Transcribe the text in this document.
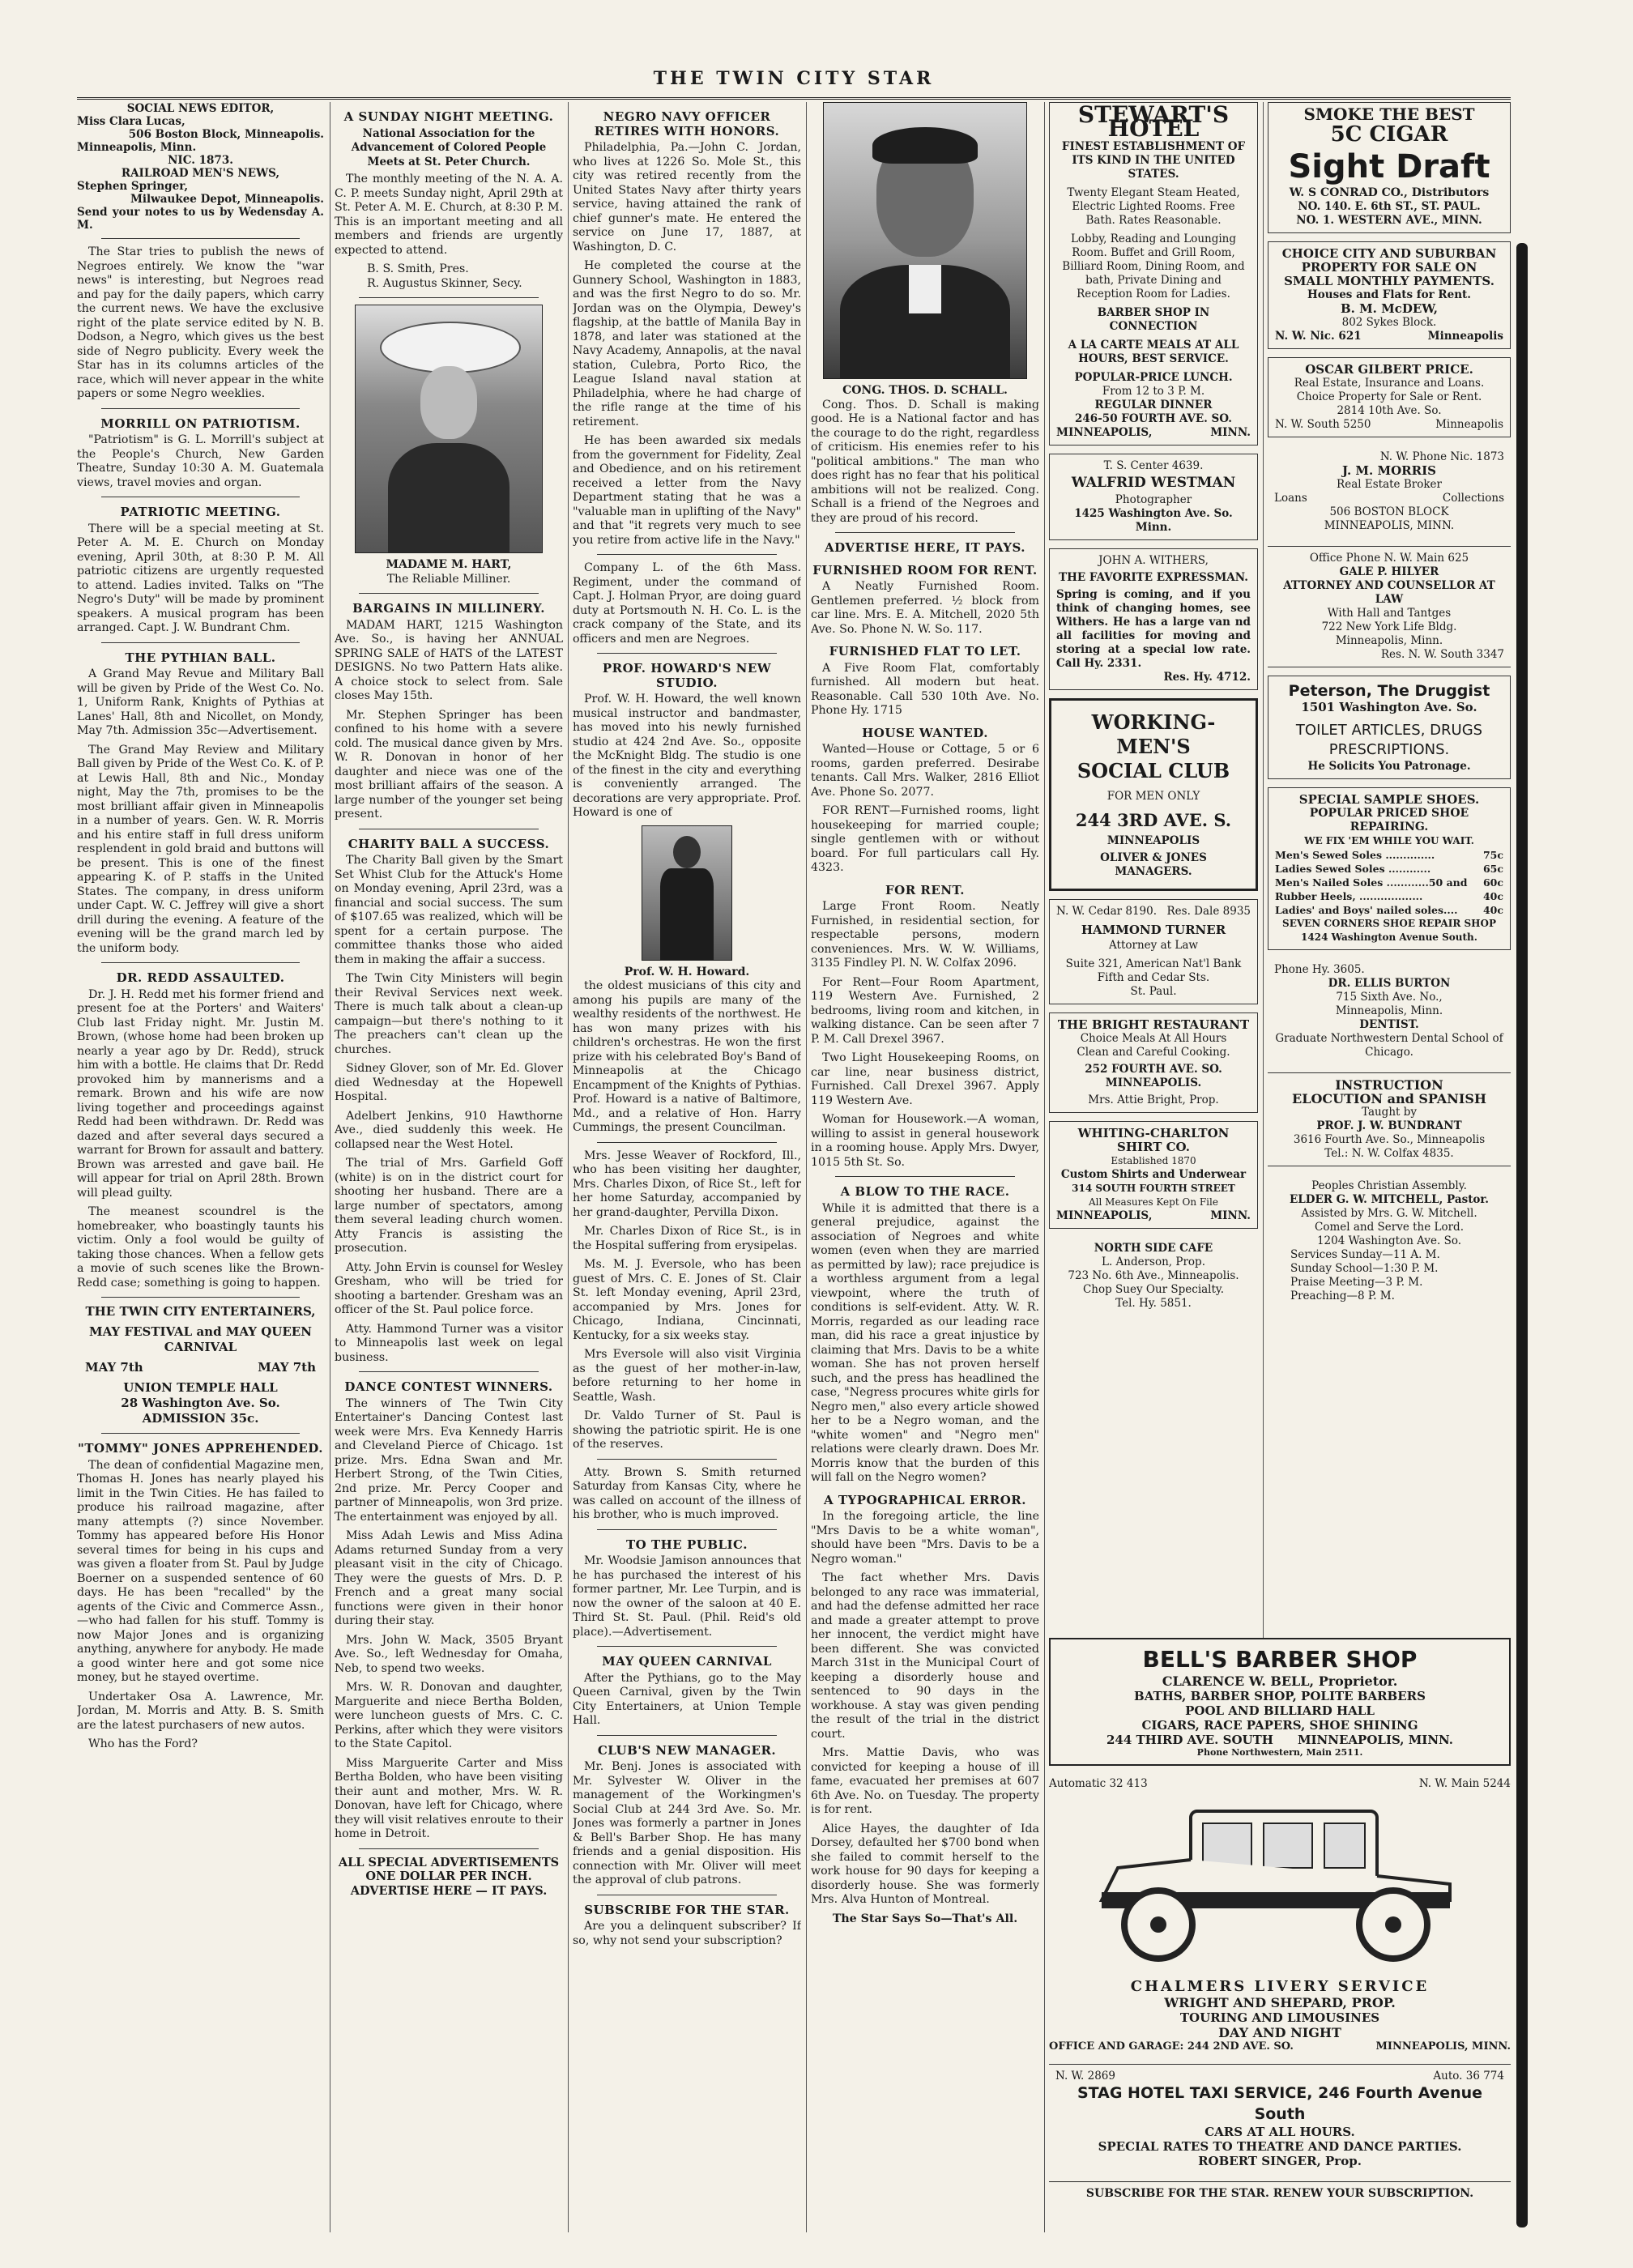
THE TWIN CITY STAR
SOCIAL NEWS EDITOR,
Miss Clara Lucas,
506 Boston Block, Minneapolis.
Minneapolis, Minn.
NIC. 1873.
RAILROAD MEN'S NEWS,
Stephen Springer,
Milwaukee Depot, Minneapolis.
Send your notes to us by Wedensday A. M.

The Star tries to publish the news of Negroes entirely. We know the "war news" is interesting, but Negroes read and pay for the daily papers, which carry the current news. We have the exclusive right of the plate service edited by N. B. Dodson, a Negro, which gives us the best side of Negro publicity. Every week the Star has in its columns articles of the race, which will never appear in the white papers or some Negro weeklies.

MORRILL ON PATRIOTISM.

"Patriotism" is G. L. Morrill's subject at the People's Church, New Garden Theatre, Sunday 10:30 A. M. Guatemala views, travel movies and organ.

PATRIOTIC MEETING.

There will be a special meeting at St. Peter A. M. E. Church on Monday evening, April 30th, at 8:30 P. M. All patriotic citizens are urgently requested to attend. Ladies invited. Talks on "The Negro's Duty" will be made by prominent speakers. A musical program has been arranged. Capt. J. W. Bundrant Chm.

THE PYTHIAN BALL.

A Grand May Revue and Military Ball will be given by Pride of the West Co. No. 1, Uniform Rank, Knights of Pythias at Lanes' Hall, 8th and Nicollet, on Mondy, May 7th. Admission 35c—Advertisement.

The Grand May Review and Military Ball given by Pride of the West Co. K. of P. at Lewis Hall, 8th and Nic., Monday night, May the 7th, promises to be the most brilliant affair given in Minneapolis in a number of years. Gen. W. R. Morris and his entire staff in full dress uniform resplendent in gold braid and buttons will be present. This is one of the finest appearing K. of P. staffs in the United States. The company, in dress uniform under Capt. W. C. Jeffrey will give a short drill during the evening. A feature of the evening will be the grand march led by the uniform body.

DR. REDD ASSAULTED.

Dr. J. H. Redd met his former friend and present foe at the Porters' and Waiters' Club last Friday night. Mr. Justin M. Brown, (whose home had been broken up nearly a year ago by Dr. Redd), struck him with a bottle. He claims that Dr. Redd provoked him by mannerisms and a remark. Brown and his wife are now living together and proceedings against Redd had been withdrawn. Dr. Redd was dazed and after several days secured a warrant for Brown for assault and battery. Brown was arrested and gave bail. He will appear for trial on April 28th. Brown will plead guilty.

The meanest scoundrel is the homebreaker, who boastingly taunts his victim. Only a fool would be guilty of taking those chances. When a fellow gets a movie of such scenes like the Brown-Redd case; something is going to happen.

THE TWIN CITY ENTERTAINERS,
MAY FESTIVAL and MAY QUEEN CARNIVAL
MAY 7th	MAY 7th
UNION TEMPLE HALL
28 Washington Ave. So.
ADMISSION 35c.
"TOMMY" JONES APPREHENDED.

The dean of confidential Magazine men, Thomas H. Jones has nearly played his limit in the Twin Cities. He has failed to produce his railroad magazine, after many attempts (?) since November. Tommy has appeared before His Honor several times for being in his cups and was given a floater from St. Paul by Judge Boerner on a suspended sentence of 60 days. He has been "recalled" by the agents of the Civic and Commerce Assn.,—who had fallen for his stuff. Tommy is now Major Jones and is organizing anything, anywhere for anybody. He made a good winter here and got some nice money, but he stayed overtime.

Undertaker Osa A. Lawrence, Mr. Jordan, M. Morris and Atty. B. S. Smith are the latest purchasers of new autos.

Who has the Ford?

A SUNDAY NIGHT MEETING.
National Association for the Advancement of Colored People Meets at St. Peter Church.

The monthly meeting of the N. A. A. C. P. meets Sunday night, April 29th at St. Peter A. M. E. Church, at 8:30 P. M. This is an important meeting and all members and friends are urgently expected to attend.

B. S. Smith, Pres.
R. Augustus Skinner, Secy.
MADAME M. HART,
The Reliable Milliner.
BARGAINS IN MILLINERY.

MADAM HART, 1215 Washington Ave. So., is having her ANNUAL SPRING SALE of HATS of the LATEST DESIGNS. No two Pattern Hats alike. A choice stock to select from. Sale closes May 15th.

Mr. Stephen Springer has been confined to his home with a severe cold. The musical dance given by Mrs. W. R. Donovan in honor of her daughter and niece was one of the most brilliant affairs of the season. A large number of the younger set being present.

CHARITY BALL A SUCCESS.

The Charity Ball given by the Smart Set Whist Club for the Attuck's Home on Monday evening, April 23rd, was a financial and social success. The sum of $107.65 was realized, which will be spent for a certain purpose. The committee thanks those who aided them in making the affair a success.

The Twin City Ministers will begin their Revival Services next week. There is much talk about a clean-up campaign—but there's nothing to it The preachers can't clean up the churches.

Sidney Glover, son of Mr. Ed. Glover died Wednesday at the Hopewell Hospital.

Adelbert Jenkins, 910 Hawthorne Ave., died suddenly this week. He collapsed near the West Hotel.

The trial of Mrs. Garfield Goff (white) is on in the district court for shooting her husband. There are a large number of spectators, among them several leading church women. Atty Francis is assisting the prosecution.

Atty. John Ervin is counsel for Wesley Gresham, who will be tried for shooting a bartender. Gresham was an officer of the St. Paul police force.

Atty. Hammond Turner was a visitor to Minneapolis last week on legal business.

DANCE CONTEST WINNERS.

The winners of The Twin City Entertainer's Dancing Contest last week were Mrs. Eva Kennedy Harris and Cleveland Pierce of Chicago. 1st prize. Mrs. Edna Swan and Mr. Herbert Strong, of the Twin Cities, 2nd prize. Mr. Percy Cooper and partner of Minneapolis, won 3rd prize. The entertainment was enjoyed by all.

Miss Adah Lewis and Miss Adina Adams returned Sunday from a very pleasant visit in the city of Chicago. They were the guests of Mrs. D. P. French and a great many social functions were given in their honor during their stay.

Mrs. John W. Mack, 3505 Bryant Ave. So., left Wednesday for Omaha, Neb, to spend two weeks.

Mrs. W. R. Donovan and daughter, Marguerite and niece Bertha Bolden, were luncheon guests of Mrs. C. C. Perkins, after which they were visitors to the State Capitol.

Miss Marguerite Carter and Miss Bertha Bolden, who have been visiting their aunt and mother, Mrs. W. R. Donovan, have left for Chicago, where they will visit relatives enroute to their home in Detroit.

ALL SPECIAL ADVERTISEMENTS
ONE DOLLAR PER INCH.
ADVERTISE HERE — IT PAYS.
NEGRO NAVY OFFICER RETIRES WITH HONORS.

Philadelphia, Pa.—John C. Jordan, who lives at 1226 So. Mole St., this city was retired recently from the United States Navy after thirty years service, having attained the rank of chief gunner's mate. He entered the service on June 17, 1887, at Washington, D. C.

He completed the course at the Gunnery School, Washington in 1883, and was the first Negro to do so. Mr. Jordan was on the Olympia, Dewey's flagship, at the battle of Manila Bay in 1878, and later was stationed at the Navy Academy, Annapolis, at the naval station, Culebra, Porto Rico, the League Island naval station at Philadelphia, where he had charge of the rifle range at the time of his retirement.

He has been awarded six medals from the government for Fidelity, Zeal and Obedience, and on his retirement received a letter from the Navy Department stating that he was a "valuable man in uplifting of the Navy" and that "it regrets very much to see you retire from active life in the Navy."

Company L. of the 6th Mass. Regiment, under the command of Capt. J. Holman Pryor, are doing guard duty at Portsmouth N. H. Co. L. is the crack company of the State, and its officers and men are Negroes.

PROF. HOWARD'S NEW STUDIO.

Prof. W. H. Howard, the well known musical instructor and bandmaster, has moved into his newly furnished studio at 424 2nd Ave. So., opposite the McKnight Bldg. The studio is one of the finest in the city and everything is conveniently arranged. The decorations are very appropriate. Prof. Howard is one of

Prof. W. H. Howard.

the oldest musicians of this city and among his pupils are many of the wealthy residents of the northwest. He has won many prizes with his children's orchestras. He won the first prize with his celebrated Boy's Band of Minneapolis at the Chicago Encampment of the Knights of Pythias. Prof. Howard is a native of Baltimore, Md., and a relative of Hon. Harry Cummings, the present Councilman.

Mrs. Jesse Weaver of Rockford, Ill., who has been visiting her daughter, Mrs. Charles Dixon, of Rice St., left for her home Saturday, accompanied by her grand-daughter, Pervilla Dixon.

Mr. Charles Dixon of Rice St., is in the Hospital suffering from erysipelas.

Ms. M. J. Eversole, who has been guest of Mrs. C. E. Jones of St. Clair St. left Monday evening, April 23rd, accompanied by Mrs. Jones for Chicago, Indiana, Cincinnati, Kentucky, for a six weeks stay.

Mrs Eversole will also visit Virginia as the guest of her mother-in-law, before returning to her home in Seattle, Wash.

Dr. Valdo Turner of St. Paul is showing the patriotic spirit. He is one of the reserves.

Atty. Brown S. Smith returned Saturday from Kansas City, where he was called on account of the illness of his brother, who is much improved.

TO THE PUBLIC.

Mr. Woodsie Jamison announces that he has purchased the interest of his former partner, Mr. Lee Turpin, and is now the owner of the saloon at 40 E. Third St. St. Paul. (Phil. Reid's old place).—Advertisement.

MAY QUEEN CARNIVAL

After the Pythians, go to the May Queen Carnival, given by the Twin City Entertainers, at Union Temple Hall.

CLUB'S NEW MANAGER.

Mr. Benj. Jones is associated with Mr. Sylvester W. Oliver in the management of the Workingmen's Social Club at 244 3rd Ave. So. Mr. Jones was formerly a partner in Jones & Bell's Barber Shop. He has many friends and a genial disposition. His connection with Mr. Oliver will meet the approval of club patrons.

SUBSCRIBE FOR THE STAR.

Are you a delinquent subscriber? If so, why not send your subscription?

CONG. THOS. D. SCHALL.

Cong. Thos. D. Schall is making good. He is a National factor and has the courage to do the right, regardless of criticism. His enemies refer to his "political ambitions." The man who does right has no fear that his political ambitions will not be realized. Cong. Schall is a friend of the Negroes and they are proud of his record.

ADVERTISE HERE, IT PAYS.
FURNISHED ROOM FOR RENT.

A Neatly Furnished Room. Gentlemen preferred. ½ block from car line. Mrs. E. A. Mitchell, 2020 5th Ave. So. Phone N. W. So. 117.

FURNISHED FLAT TO LET.

A Five Room Flat, comfortably furnished. All modern but heat. Reasonable. Call 530 10th Ave. No. Phone Hy. 1715

HOUSE WANTED.

Wanted—House or Cottage, 5 or 6 rooms, garden preferred. Desirabe tenants. Call Mrs. Walker, 2816 Elliot Ave. Phone So. 2077.

FOR RENT—Furnished rooms, light housekeeping for married couple; single gentlemen with or without board. For full particulars call Hy. 4323.

FOR RENT.

Large Front Room. Neatly Furnished, in residential section, for respectable persons, modern conveniences. Mrs. W. W. Williams, 3135 Findley Pl. N. W. Colfax 2096.

For Rent—Four Room Apartment, 119 Western Ave. Furnished, 2 bedrooms, living room and kitchen, in walking distance. Can be seen after 7 P. M. Call Drexel 3967.

Two Light Housekeeping Rooms, on car line, near business district, Furnished. Call Drexel 3967. Apply 119 Western Ave.

Woman for Housework.—A woman, willing to assist in general housework in a rooming house. Apply Mrs. Dwyer, 1015 5th St. So.

A BLOW TO THE RACE.

While it is admitted that there is a general prejudice, against the association of Negroes and white women (even when they are married as permitted by law); race prejudice is a worthless argument from a legal viewpoint, where the truth of conditions is self-evident. Atty. W. R. Morris, regarded as our leading race man, did his race a great injustice by claiming that Mrs. Davis to be a white woman. She has not proven herself such, and the press has headlined the case, "Negress procures white girls for Negro men," also every article showed her to be a Negro woman, and the "white women" and "Negro men" relations were clearly drawn. Does Mr. Morris know that the burden of this will fall on the Negro women?

A TYPOGRAPHICAL ERROR.

In the foregoing article, the line "Mrs Davis to be a white woman", should have been "Mrs. Davis to be a Negro woman."

The fact whether Mrs. Davis belonged to any race was immaterial, and had the defense admitted her race and made a greater attempt to prove her innocent, the verdict might have been different. She was convicted March 31st in the Municipal Court of keeping a disorderly house and sentenced to 90 days in the workhouse. A stay was given pending the result of the trial in the district court.

Mrs. Mattie Davis, who was convicted for keeping a house of ill fame, evacuated her premises at 607 6th Ave. No. on Tuesday. The property is for rent.

Alice Hayes, the daughter of Ida Dorsey, defaulted her $700 bond when she failed to commit herself to the work house for 90 days for keeping a disorderly house. She was formerly Mrs. Alva Hunton of Montreal.

The Star Says So—That's All.
STEWART'S HOTEL
FINEST ESTABLISHMENT OF ITS KIND IN THE UNITED STATES.
Twenty Elegant Steam Heated, Electric Lighted Rooms. Free Bath. Rates Reasonable.
Lobby, Reading and Lounging Room. Buffet and Grill Room, Billiard Room, Dining Room, and bath, Private Dining and Reception Room for Ladies.
BARBER SHOP IN CONNECTION
A LA CARTE MEALS AT ALL HOURS, BEST SERVICE.
POPULAR-PRICE LUNCH.
From 12 to 3 P. M.
REGULAR DINNER
246-50 FOURTH AVE. SO.
MINNEAPOLIS,	MINN.
T. S. Center 4639.
WALFRID WESTMAN
Photographer
1425 Washington Ave. So. Minn.
JOHN A. WITHERS,
THE FAVORITE EXPRESSMAN.
Spring is coming, and if you think of changing homes, see Withers. He has a large van nd all facilities for moving and storing at a special low rate. Call Hy. 2331.
Res. Hy. 4712.
WORKING-MEN'S
SOCIAL CLUB
FOR MEN ONLY
244 3RD AVE. S.
MINNEAPOLIS
OLIVER & JONES
MANAGERS.
N. W. Cedar 8190. Res. Dale 8935
HAMMOND TURNER
Attorney at Law
Suite 321, American Nat'l Bank
Fifth and Cedar Sts.
St. Paul.
THE BRIGHT RESTAURANT
Choice Meals At All Hours
Clean and Careful Cooking.
252 FOURTH AVE. SO.
MINNEAPOLIS.
Mrs. Attie Bright, Prop.
WHITING-CHARLTON
SHIRT CO.
Established 1870
Custom Shirts and Underwear
314 SOUTH FOURTH STREET
All Measures Kept On File
MINNEAPOLIS,	MINN.
NORTH SIDE CAFE
L. Anderson, Prop.
723 No. 6th Ave., Minneapolis.
Chop Suey Our Specialty.
Tel. Hy. 5851.
SMOKE THE BEST
5C CIGAR
Sight Draft
W. S CONRAD CO., Distributors
NO. 140. E. 6th ST., ST. PAUL.
NO. 1. WESTERN AVE., MINN.
CHOICE CITY AND SUBURBAN PROPERTY FOR SALE ON SMALL MONTHLY PAYMENTS.
Houses and Flats for Rent.
B. M. McDEW,
802 Sykes Block.
N. W. Nic. 621	Minneapolis
OSCAR GILBERT PRICE.
Real Estate, Insurance and Loans.
Choice Property for Sale or Rent.
2814 10th Ave. So.
N. W. South 5250	Minneapolis
N. W. Phone Nic. 1873
J. M. MORRIS
Real Estate Broker
Loans	Collections
506 BOSTON BLOCK
MINNEAPOLIS, MINN.
Office Phone N. W. Main 625
GALE P. HILYER
ATTORNEY AND COUNSELLOR AT LAW
With Hall and Tantges
722 New York Life Bldg.
Minneapolis, Minn.
Res. N. W. South 3347
Peterson, The Druggist
1501 Washington Ave. So.
TOILET ARTICLES, DRUGS PRESCRIPTIONS.
He Solicits You Patronage.
SPECIAL SAMPLE SHOES.
POPULAR PRICED SHOE REPAIRING.
WE FIX 'EM WHILE YOU WAIT.
Men's Sewed Soles ..............	75c
Ladies Sewed Soles ............	65c
Men's Nailed Soles ............50 and 60c
Rubber Heels, ..................	40c
Ladies' and Boys' nailed soles....	40c
SEVEN CORNERS SHOE REPAIR SHOP
1424 Washington Avenue South.
Phone Hy. 3605.
DR. ELLIS BURTON
715 Sixth Ave. No.,
Minneapolis, Minn.
DENTIST.
Graduate Northwestern Dental School of Chicago.
INSTRUCTION
ELOCUTION and SPANISH
Taught by
PROF. J. W. BUNDRANT
3616 Fourth Ave. So., Minneapolis
Tel.: N. W. Colfax 4835.
Peoples Christian Assembly.
ELDER G. W. MITCHELL, Pastor.
Assisted by Mrs. G. W. Mitchell.
Comel and Serve the Lord.
1204 Washington Ave. So.
Services Sunday—11 A. M.
Sunday School—1:30 P. M.
Praise Meeting—3 P. M.
Preaching—8 P. M.
BELL'S BARBER SHOP
CLARENCE W. BELL, Proprietor.
BATHS, BARBER SHOP, POLITE BARBERS
POOL AND BILLIARD HALL
CIGARS, RACE PAPERS, SHOE SHINING
244 THIRD AVE. SOUTH MINNEAPOLIS, MINN.
Phone Northwestern, Main 2511.
Automatic 32 413	N. W. Main 5244
CHALMERS LIVERY SERVICE
WRIGHT AND SHEPARD, PROP.
TOURING AND LIMOUSINES
DAY AND NIGHT
OFFICE AND GARAGE: 244 2ND AVE. SO.	MINNEAPOLIS, MINN.
N. W. 2869	Auto. 36 774
STAG HOTEL TAXI SERVICE, 246 Fourth Avenue South
CARS AT ALL HOURS.
SPECIAL RATES TO THEATRE AND DANCE PARTIES.
ROBERT SINGER, Prop.
SUBSCRIBE FOR THE STAR. RENEW YOUR SUBSCRIPTION.
